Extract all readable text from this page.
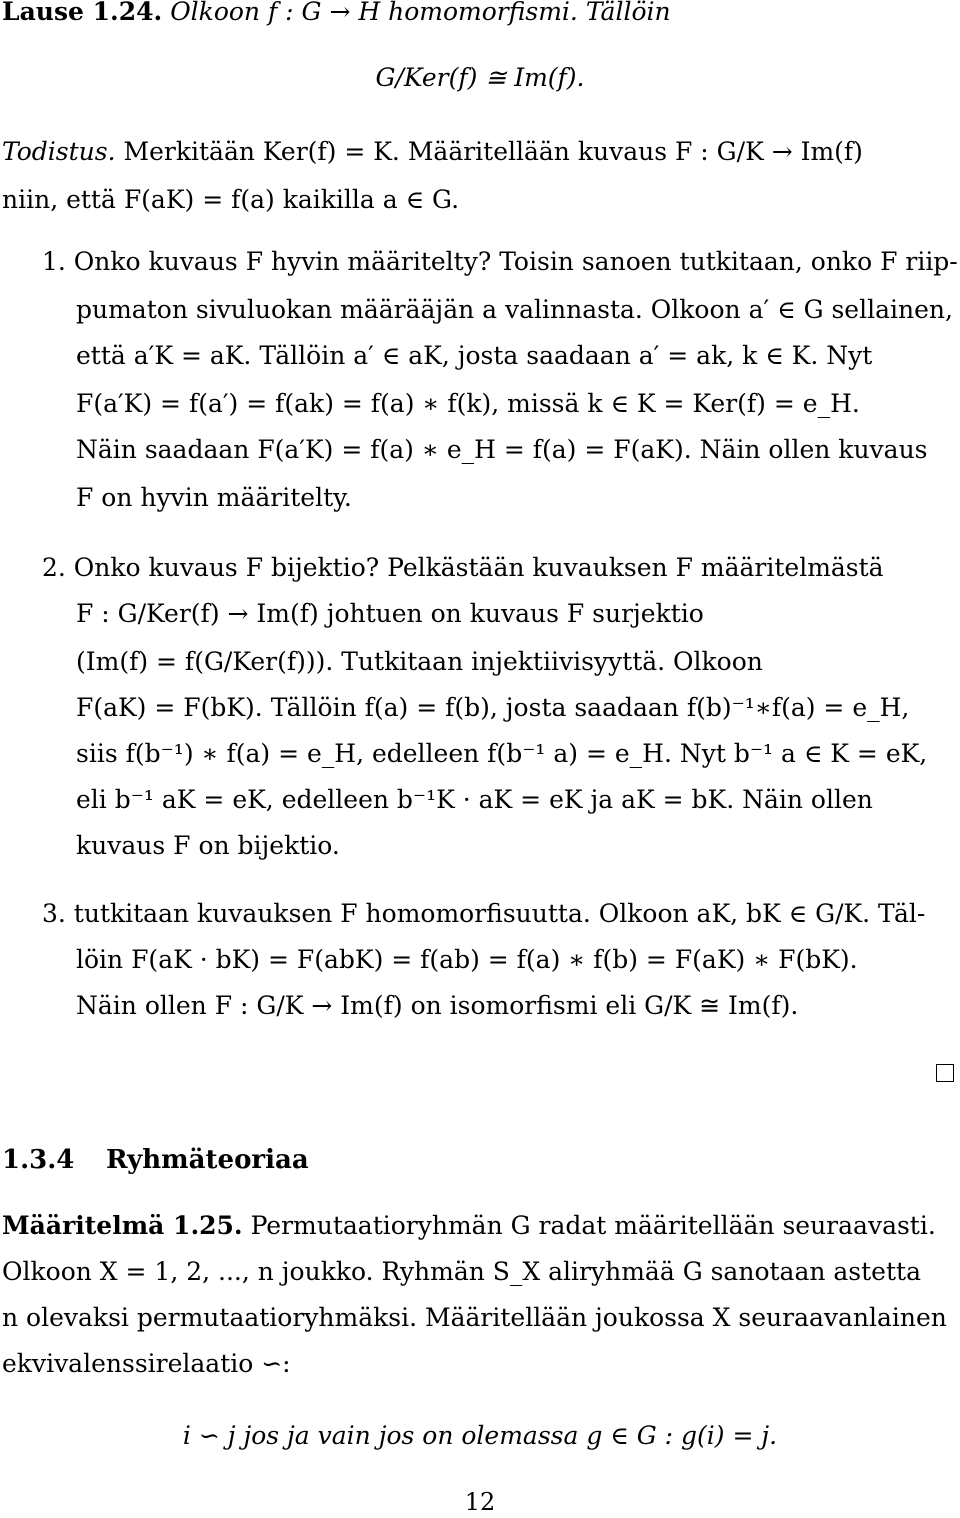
Lause 1.24. Olkoon f : G → H homomorfismi. Tällöin
G/Ker(f) ≅ Im(f).
Todistus. Merkitään Ker(f) = K. Määritellään kuvaus F : G/K → Im(f)
niin, että F(aK) = f(a) kaikilla a ∈ G.
1. Onko kuvaus F hyvin määritelty? Toisin sanoen tutkitaan, onko F riip-
pumaton sivuluokan määrääjän a valinnasta. Olkoon a′ ∈ G sellainen,
että a′K = aK. Tällöin a′ ∈ aK, josta saadaan a′ = ak, k ∈ K. Nyt
F(a′K) = f(a′) = f(ak) = f(a) ∗ f(k), missä k ∈ K = Ker(f) = e_H.
Näin saadaan F(a′K) = f(a) ∗ e_H = f(a) = F(aK). Näin ollen kuvaus
F on hyvin määritelty.
2. Onko kuvaus F bijektio? Pelkästään kuvauksen F määritelmästä
F : G/Ker(f) → Im(f) johtuen on kuvaus F surjektio
(Im(f) = f(G/Ker(f))). Tutkitaan injektiivisyyttä. Olkoon
F(aK) = F(bK). Tällöin f(a) = f(b), josta saadaan f(b)⁻¹∗f(a) = e_H,
siis f(b⁻¹) ∗ f(a) = e_H, edelleen f(b⁻¹ a) = e_H. Nyt b⁻¹ a ∈ K = eK,
eli b⁻¹ aK = eK, edelleen b⁻¹K · aK = eK ja aK = bK. Näin ollen
kuvaus F on bijektio.
3. tutkitaan kuvauksen F homomorfisuutta. Olkoon aK, bK ∈ G/K. Täl-
löin F(aK · bK) = F(abK) = f(ab) = f(a) ∗ f(b) = F(aK) ∗ F(bK).
Näin ollen F : G/K → Im(f) on isomorfismi eli G/K ≅ Im(f).
1.3.4 Ryhmäteoriaa
Määritelmä 1.25. Permutaatioryhmän G radat määritellään seuraavasti.
Olkoon X = 1, 2, ..., n joukko. Ryhmän S_X aliryhmää G sanotaan astetta
n olevaksi permutaatioryhmäksi. Määritellään joukossa X seuraavanlainen
ekvivalenssirelaatio ∽:
i ∽ j jos ja vain jos on olemassa g ∈ G : g(i) = j.
12
